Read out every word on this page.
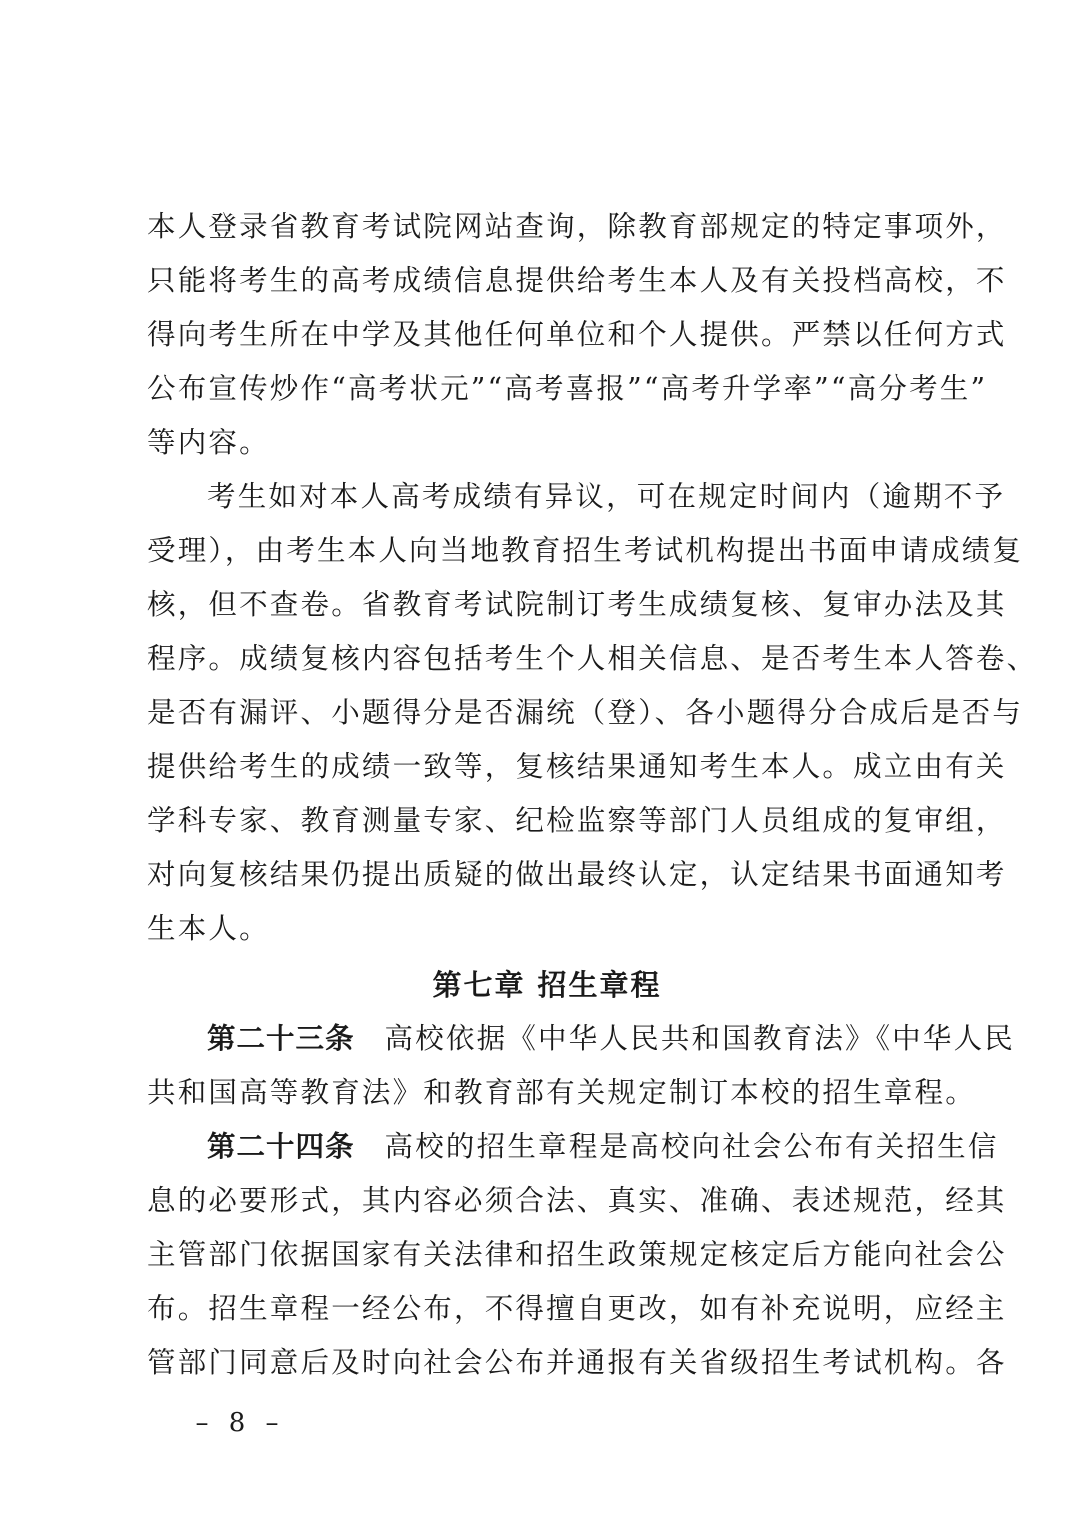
本人登录省教育考试院网站查询，除教育部规定的特定事项外，
只能将考生的高考成绩信息提供给考生本人及有关投档高校，不
得向考生所在中学及其他任何单位和个人提供。严禁以任何方式
公布宣传炒作“高考状元”“高考喜报”“高考升学率”“高分考生”
等内容。

考生如对本人高考成绩有异议，可在规定时间内（逾期不予
受理），由考生本人向当地教育招生考试机构提出书面申请成绩复
核，但不查卷。省教育考试院制订考生成绩复核、复审办法及其
程序。成绩复核内容包括考生个人相关信息、是否考生本人答卷、
是否有漏评、小题得分是否漏统（登）、各小题得分合成后是否与
提供给考生的成绩一致等，复核结果通知考生本人。成立由有关
学科专家、教育测量专家、纪检监察等部门人员组成的复审组，
对向复核结果仍提出质疑的做出最终认定，认定结果书面通知考
生本人。

第七章 招生章程

第二十三条 高校依据《中华人民共和国教育法》《中华人民
共和国高等教育法》和教育部有关规定制订本校的招生章程。

第二十四条 高校的招生章程是高校向社会公布有关招生信
息的必要形式，其内容必须合法、真实、准确、表述规范，经其
主管部门依据国家有关法律和招生政策规定核定后方能向社会公
布。招生章程一经公布，不得擅自更改，如有补充说明，应经主
管部门同意后及时向社会公布并通报有关省级招生考试机构。各

– 8 –
